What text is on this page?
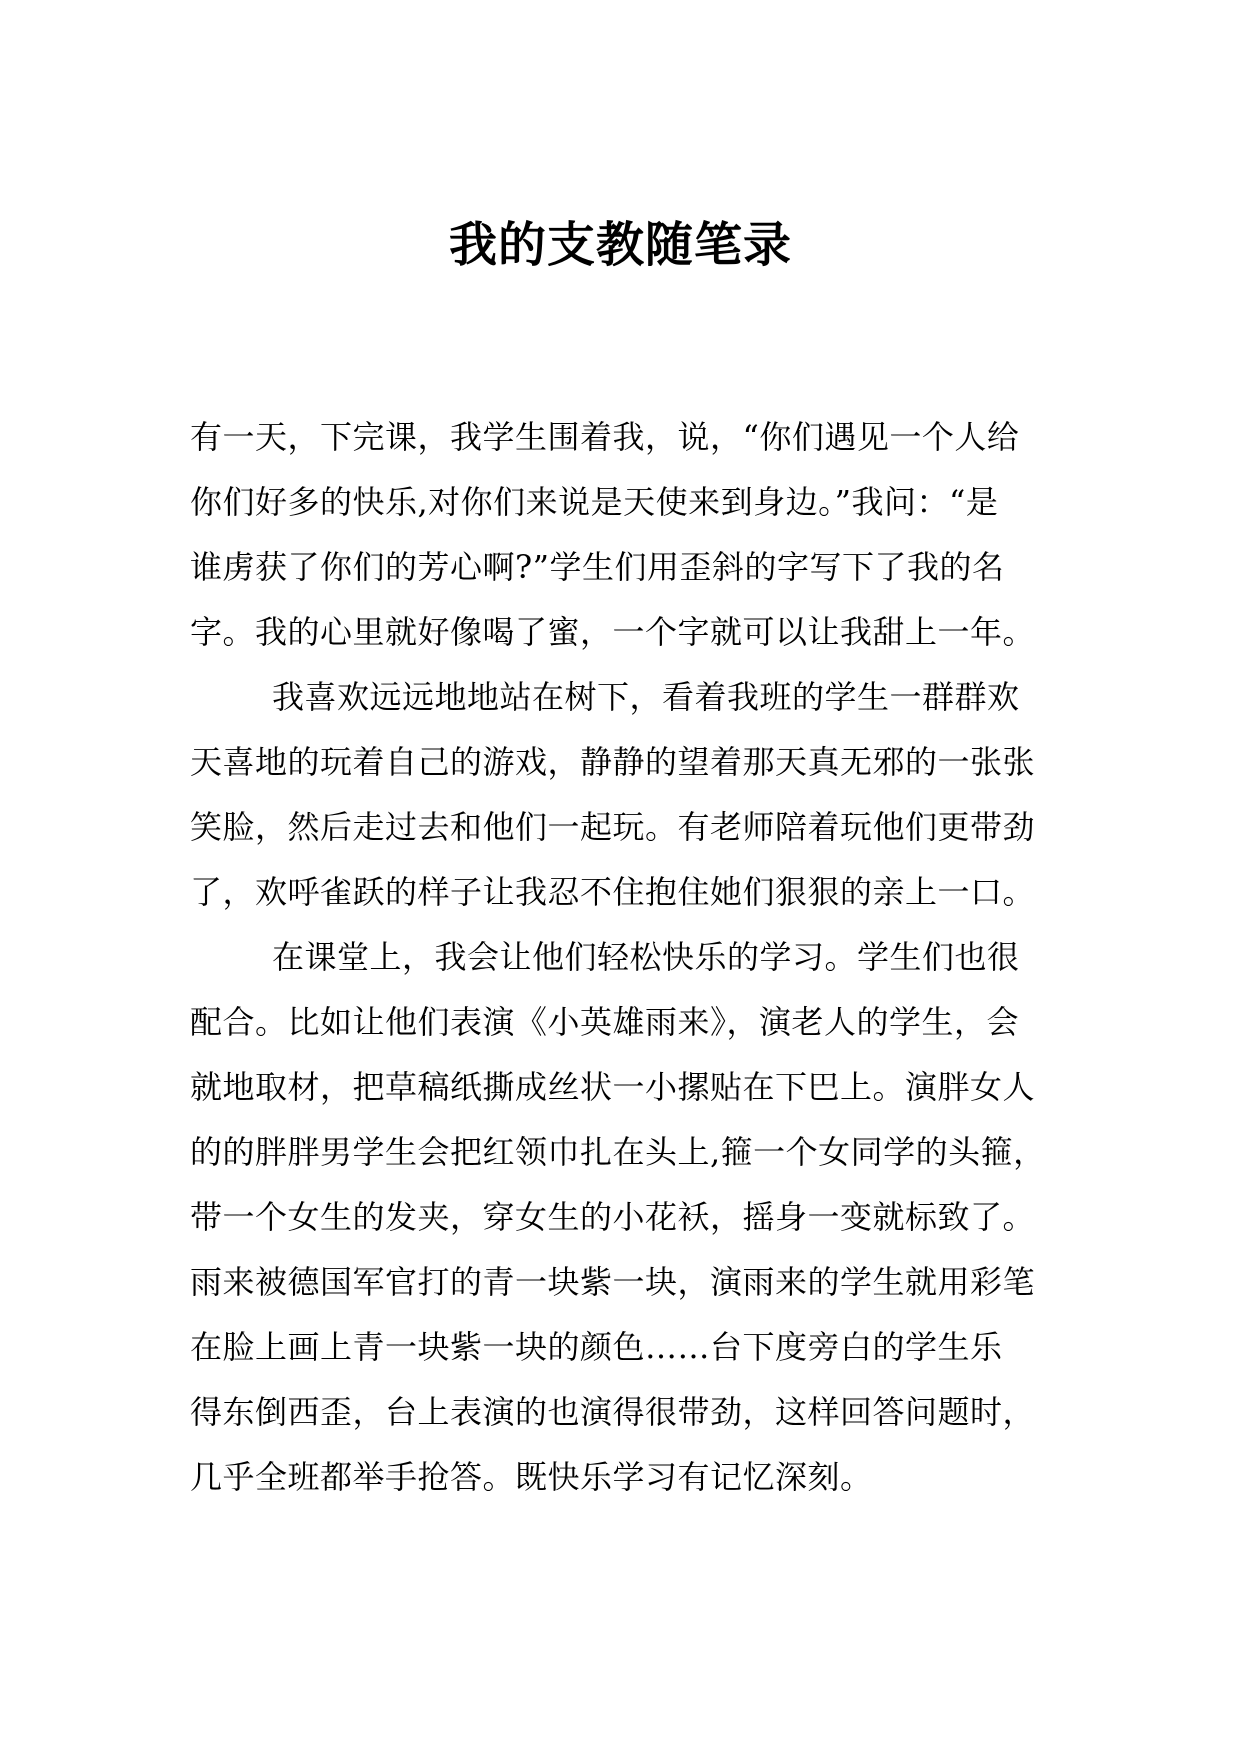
我的支教随笔录
有一天，下完课，我学生围着我，说，“你们遇见一个人给
你们好多的快乐,对你们来说是天使来到身边。”我问：“是
谁虏获了你们的芳心啊?”学生们用歪斜的字写下了我的名
字。我的心里就好像喝了蜜，一个字就可以让我甜上一年。
我喜欢远远地地站在树下，看着我班的学生一群群欢
天喜地的玩着自己的游戏，静静的望着那天真无邪的一张张
笑脸，然后走过去和他们一起玩。有老师陪着玩他们更带劲
了，欢呼雀跃的样子让我忍不住抱住她们狠狠的亲上一口。
在课堂上，我会让他们轻松快乐的学习。学生们也很
配合。比如让他们表演《小英雄雨来》，演老人的学生，会
就地取材，把草稿纸撕成丝状一小摞贴在下巴上。演胖女人
的的胖胖男学生会把红领巾扎在头上,箍一个女同学的头箍，
带一个女生的发夹，穿女生的小花袄，摇身一变就标致了。
雨来被德国军官打的青一块紫一块，演雨来的学生就用彩笔
在脸上画上青一块紫一块的颜色……台下度旁白的学生乐
得东倒西歪，台上表演的也演得很带劲，这样回答问题时，
几乎全班都举手抢答。既快乐学习有记忆深刻。
